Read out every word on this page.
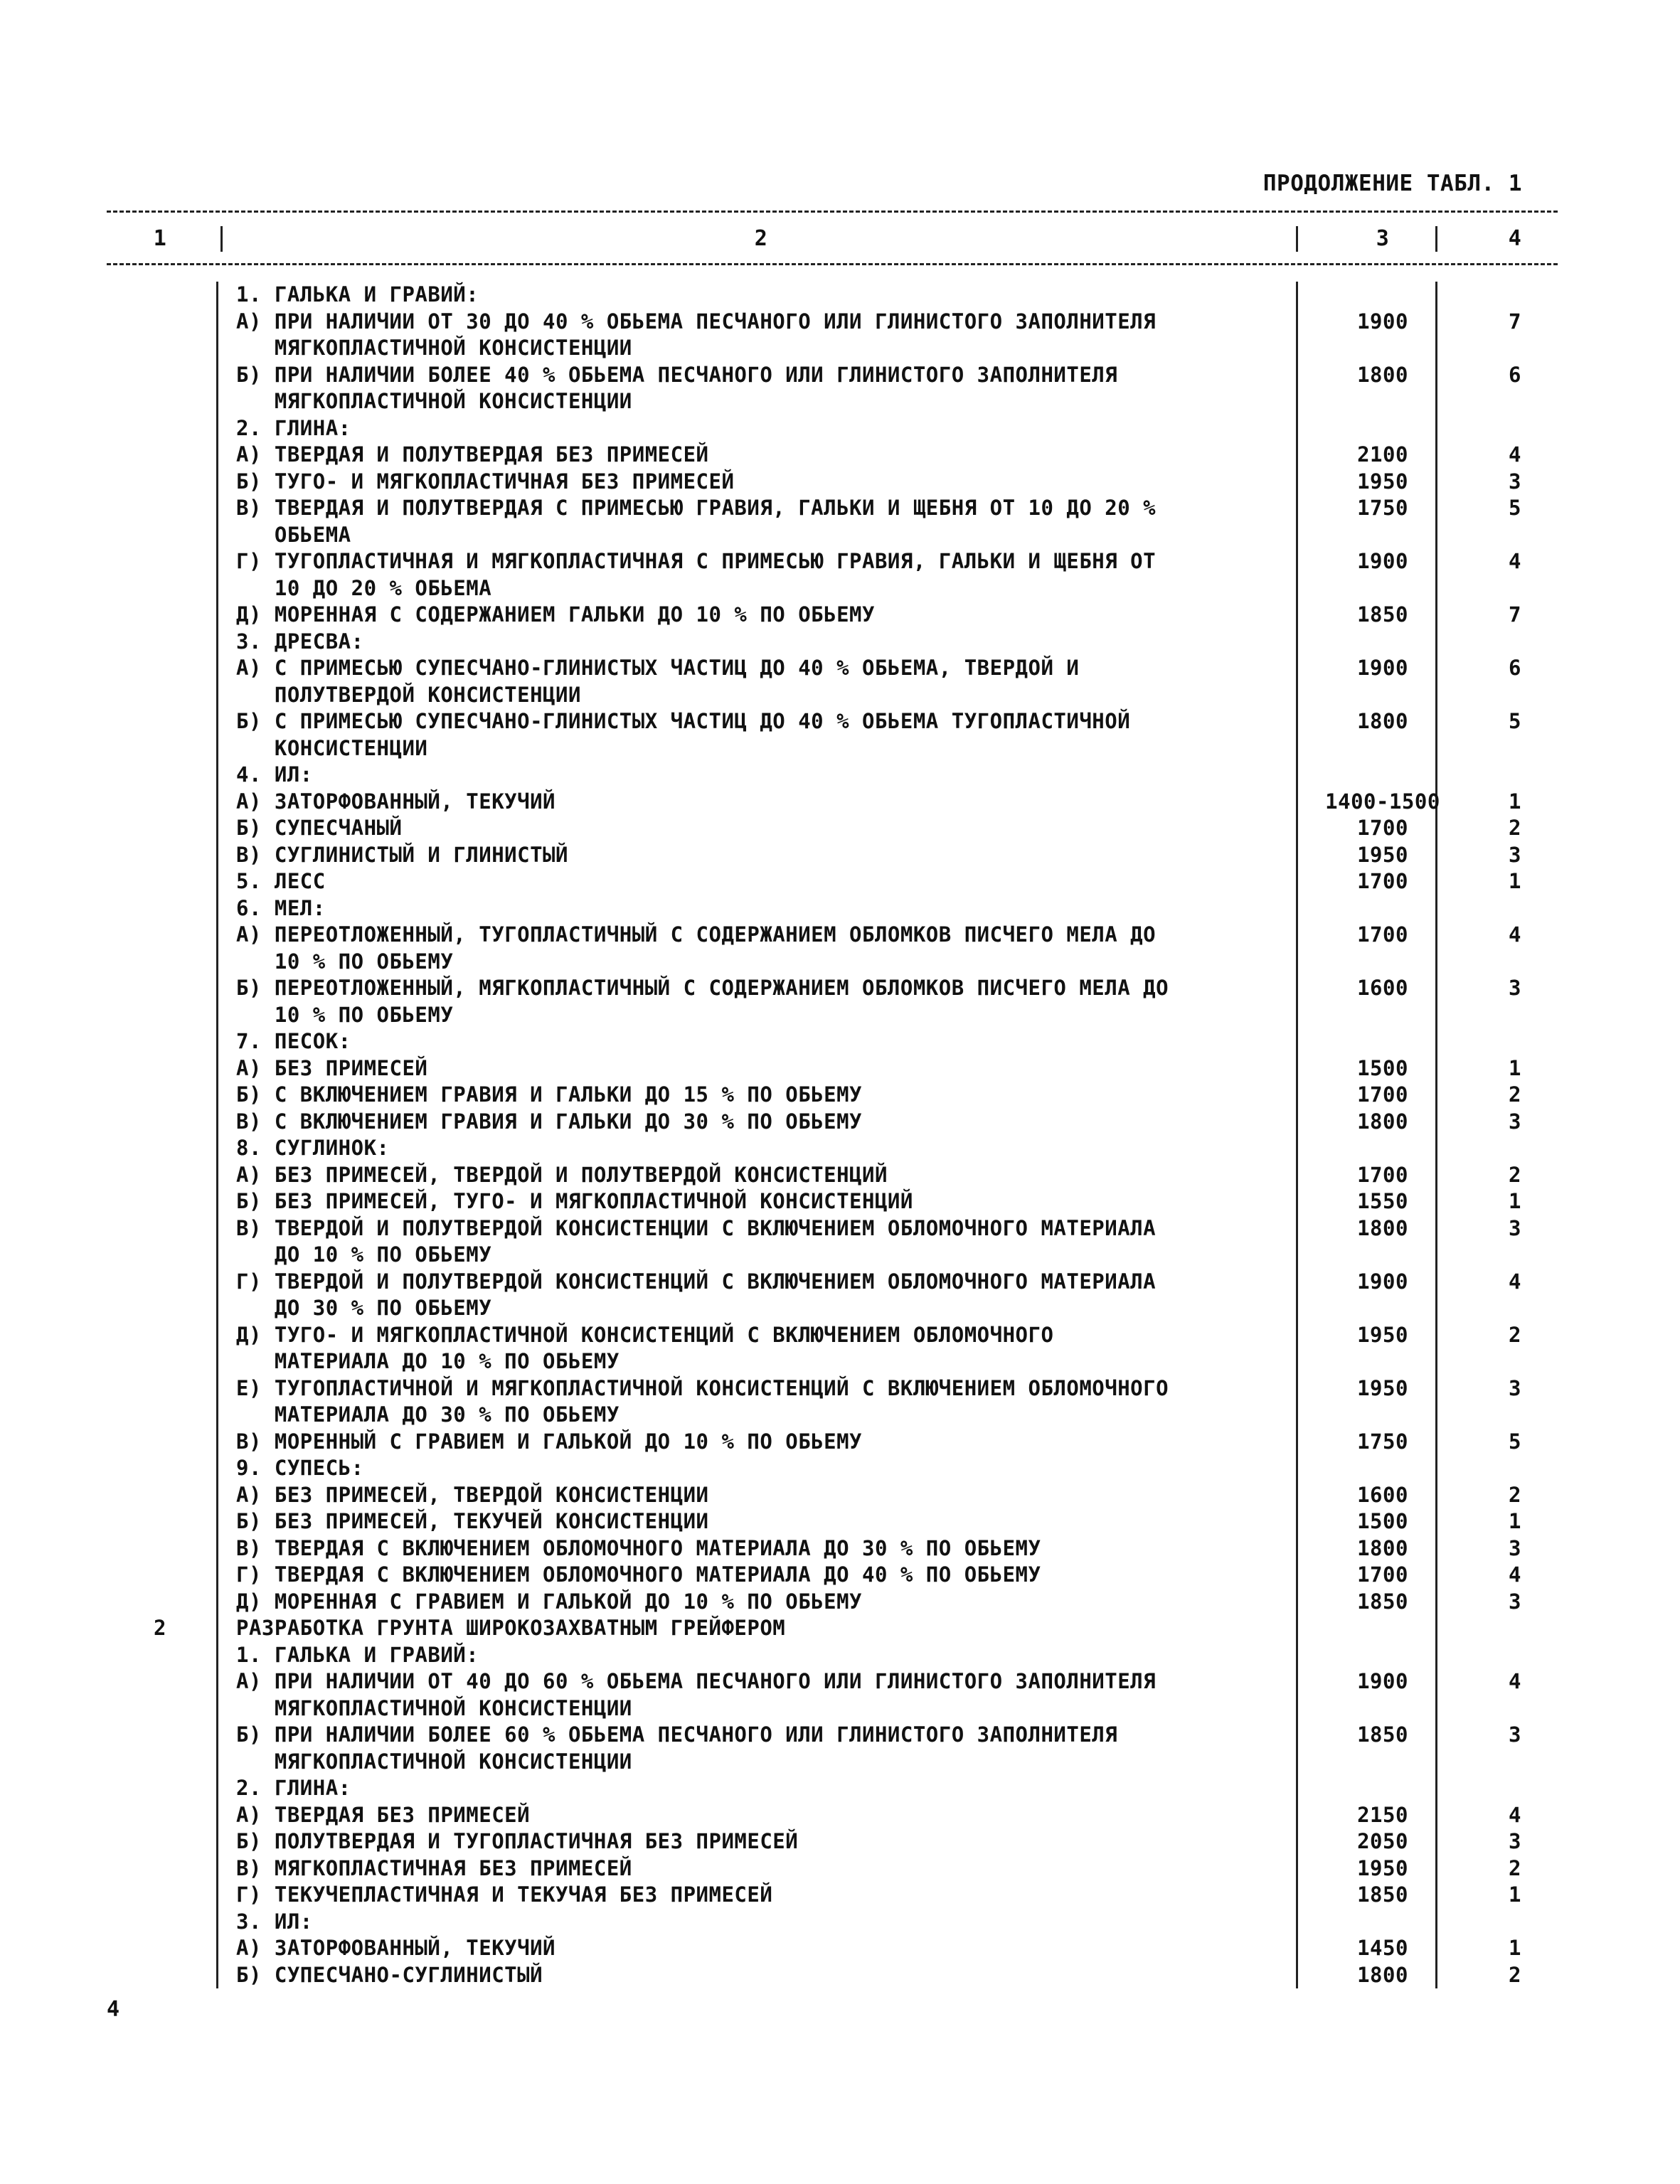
ПРОДОЛЖЕНИЕ ТАБЛ. 1
1	2	3	4
1. ГАЛЬКА И ГРАВИЙ:
А) ПРИ НАЛИЧИИ ОТ 30 ДО 40 % ОБЬЕМА ПЕСЧАНОГО ИЛИ ГЛИНИСТОГО ЗАПОЛНИТЕЛЯ	1900	7
МЯГКОПЛАСТИЧНОЙ КОНСИСТЕНЦИИ
Б) ПРИ НАЛИЧИИ БОЛЕЕ 40 % ОБЬЕМА ПЕСЧАНОГО ИЛИ ГЛИНИСТОГО ЗАПОЛНИТЕЛЯ	1800	6
МЯГКОПЛАСТИЧНОЙ КОНСИСТЕНЦИИ
2. ГЛИНА:
А) ТВЕРДАЯ И ПОЛУТВЕРДАЯ БЕЗ ПРИМЕСЕЙ	2100	4
Б) ТУГО- И МЯГКОПЛАСТИЧНАЯ БЕЗ ПРИМЕСЕЙ	1950	3
В) ТВЕРДАЯ И ПОЛУТВЕРДАЯ С ПРИМЕСЬЮ ГРАВИЯ, ГАЛЬКИ И ЩЕБНЯ ОТ 10 ДО 20 %	1750	5
ОБЬЕМА
Г) ТУГОПЛАСТИЧНАЯ И МЯГКОПЛАСТИЧНАЯ С ПРИМЕСЬЮ ГРАВИЯ, ГАЛЬКИ И ЩЕБНЯ ОТ	1900	4
10 ДО 20 % ОБЬЕМА
Д) МОРЕННАЯ С СОДЕРЖАНИЕМ ГАЛЬКИ ДО 10 % ПО ОБЬЕМУ	1850	7
3. ДРЕСВА:
А) С ПРИМЕСЬЮ СУПЕСЧАНО-ГЛИНИСТЫХ ЧАСТИЦ ДО 40 % ОБЬЕМА, ТВЕРДОЙ И	1900	6
ПОЛУТВЕРДОЙ КОНСИСТЕНЦИИ
Б) С ПРИМЕСЬЮ СУПЕСЧАНО-ГЛИНИСТЫХ ЧАСТИЦ ДО 40 % ОБЬЕМА ТУГОПЛАСТИЧНОЙ	1800	5
КОНСИСТЕНЦИИ
4. ИЛ:
А) ЗАТОРФОВАННЫЙ, ТЕКУЧИЙ	1400-1500	1
Б) СУПЕСЧАНЫЙ	1700	2
В) СУГЛИНИСТЫЙ И ГЛИНИСТЫЙ	1950	3
5. ЛЕСС	1700	1
6. МЕЛ:
А) ПЕРЕОТЛОЖЕННЫЙ, ТУГОПЛАСТИЧНЫЙ С СОДЕРЖАНИЕМ ОБЛОМКОВ ПИСЧЕГО МЕЛА ДО	1700	4
10 % ПО ОБЬЕМУ
Б) ПЕРЕОТЛОЖЕННЫЙ, МЯГКОПЛАСТИЧНЫЙ С СОДЕРЖАНИЕМ ОБЛОМКОВ ПИСЧЕГО МЕЛА ДО	1600	3
10 % ПО ОБЬЕМУ
7. ПЕСОК:
А) БЕЗ ПРИМЕСЕЙ	1500	1
Б) С ВКЛЮЧЕНИЕМ ГРАВИЯ И ГАЛЬКИ ДО 15 % ПО ОБЬЕМУ	1700	2
В) С ВКЛЮЧЕНИЕМ ГРАВИЯ И ГАЛЬКИ ДО 30 % ПО ОБЬЕМУ	1800	3
8. СУГЛИНОК:
А) БЕЗ ПРИМЕСЕЙ, ТВЕРДОЙ И ПОЛУТВЕРДОЙ КОНСИСТЕНЦИЙ	1700	2
Б) БЕЗ ПРИМЕСЕЙ, ТУГО- И МЯГКОПЛАСТИЧНОЙ КОНСИСТЕНЦИЙ	1550	1
В) ТВЕРДОЙ И ПОЛУТВЕРДОЙ КОНСИСТЕНЦИИ С ВКЛЮЧЕНИЕМ ОБЛОМОЧНОГО МАТЕРИАЛА	1800	3
ДО 10 % ПО ОБЬЕМУ
Г) ТВЕРДОЙ И ПОЛУТВЕРДОЙ КОНСИСТЕНЦИЙ С ВКЛЮЧЕНИЕМ ОБЛОМОЧНОГО МАТЕРИАЛА	1900	4
ДО 30 % ПО ОБЬЕМУ
Д) ТУГО- И МЯГКОПЛАСТИЧНОЙ КОНСИСТЕНЦИЙ С ВКЛЮЧЕНИЕМ ОБЛОМОЧНОГО	1950	2
МАТЕРИАЛА ДО 10 % ПО ОБЬЕМУ
Е) ТУГОПЛАСТИЧНОЙ И МЯГКОПЛАСТИЧНОЙ КОНСИСТЕНЦИЙ С ВКЛЮЧЕНИЕМ ОБЛОМОЧНОГО	1950	3
МАТЕРИАЛА ДО 30 % ПО ОБЬЕМУ
В) МОРЕННЫЙ С ГРАВИЕМ И ГАЛЬКОЙ ДО 10 % ПО ОБЬЕМУ	1750	5
9. СУПЕСЬ:
А) БЕЗ ПРИМЕСЕЙ, ТВЕРДОЙ КОНСИСТЕНЦИИ	1600	2
Б) БЕЗ ПРИМЕСЕЙ, ТЕКУЧЕЙ КОНСИСТЕНЦИИ	1500	1
В) ТВЕРДАЯ С ВКЛЮЧЕНИЕМ ОБЛОМОЧНОГО МАТЕРИАЛА ДО 30 % ПО ОБЬЕМУ	1800	3
Г) ТВЕРДАЯ С ВКЛЮЧЕНИЕМ ОБЛОМОЧНОГО МАТЕРИАЛА ДО 40 % ПО ОБЬЕМУ	1700	4
Д) МОРЕННАЯ С ГРАВИЕМ И ГАЛЬКОЙ ДО 10 % ПО ОБЬЕМУ	1850	3
2	РАЗРАБОТКА ГРУНТА ШИРОКОЗАХВАТНЫМ ГРЕЙФЕРОМ
1. ГАЛЬКА И ГРАВИЙ:
А) ПРИ НАЛИЧИИ ОТ 40 ДО 60 % ОБЬЕМА ПЕСЧАНОГО ИЛИ ГЛИНИСТОГО ЗАПОЛНИТЕЛЯ	1900	4
МЯГКОПЛАСТИЧНОЙ КОНСИСТЕНЦИИ
Б) ПРИ НАЛИЧИИ БОЛЕЕ 60 % ОБЬЕМА ПЕСЧАНОГО ИЛИ ГЛИНИСТОГО ЗАПОЛНИТЕЛЯ	1850	3
МЯГКОПЛАСТИЧНОЙ КОНСИСТЕНЦИИ
2. ГЛИНА:
А) ТВЕРДАЯ БЕЗ ПРИМЕСЕЙ	2150	4
Б) ПОЛУТВЕРДАЯ И ТУГОПЛАСТИЧНАЯ БЕЗ ПРИМЕСЕЙ	2050	3
В) МЯГКОПЛАСТИЧНАЯ БЕЗ ПРИМЕСЕЙ	1950	2
Г) ТЕКУЧЕПЛАСТИЧНАЯ И ТЕКУЧАЯ БЕЗ ПРИМЕСЕЙ	1850	1
3. ИЛ:
А) ЗАТОРФОВАННЫЙ, ТЕКУЧИЙ	1450	1
Б) СУПЕСЧАНО-СУГЛИНИСТЫЙ	1800	2
4
